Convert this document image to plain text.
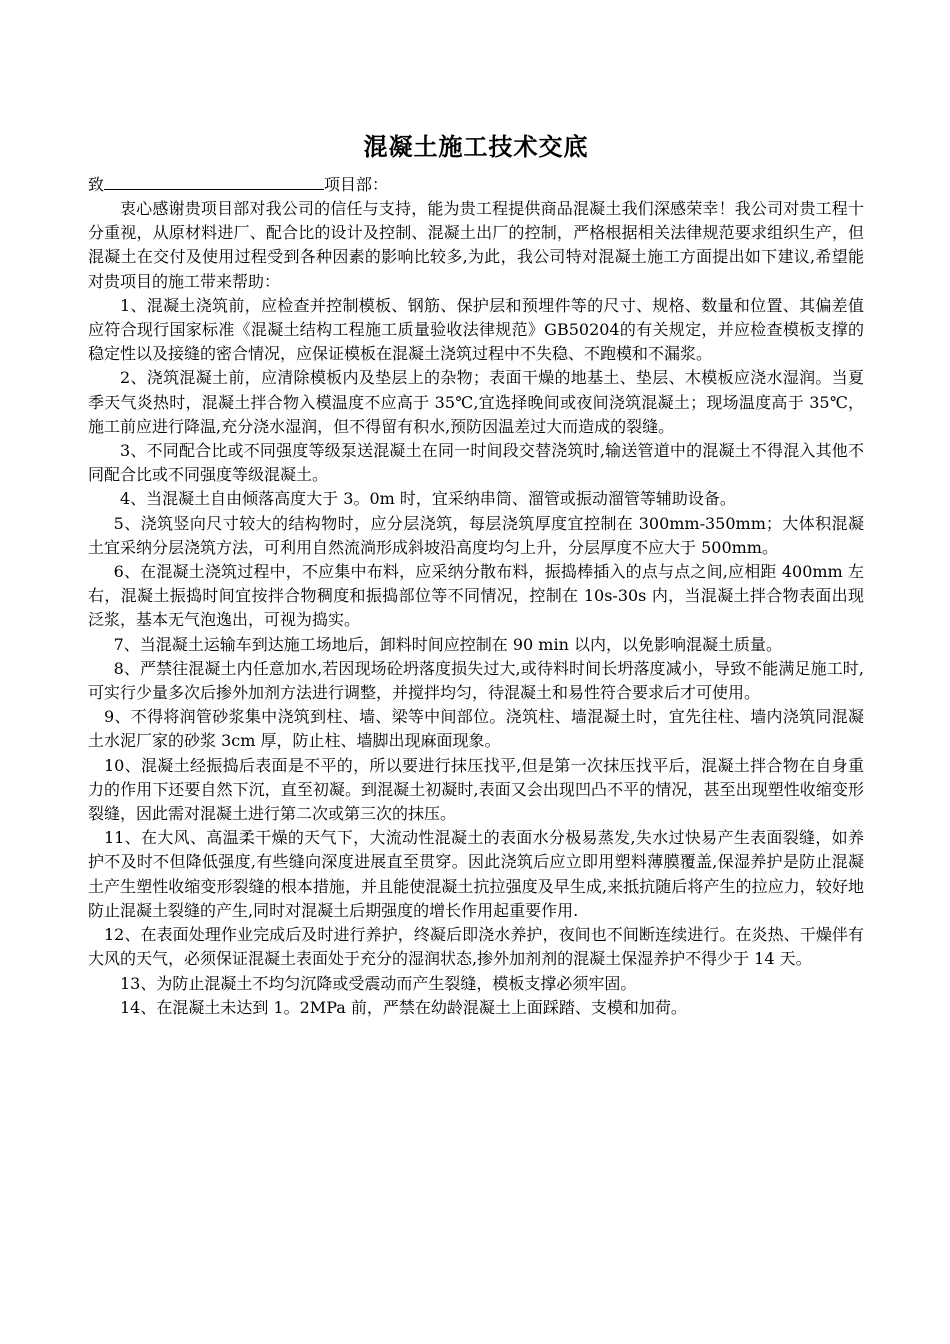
混凝土施工技术交底

致	项目部：

衷心感谢贵项目部对我公司的信任与支持，能为贵工程提供商品混凝土我们深感荣幸！我公司对贵工程十分重视，从原材料进厂、配合比的设计及控制、混凝土出厂的控制，严格根据相关法律规范要求组织生产，但混凝土在交付及使用过程受到各种因素的影响比较多,为此，我公司特对混凝土施工方面提出如下建议,希望能对贵项目的施工带来帮助：

1、混凝土浇筑前，应检查并控制模板、钢筋、保护层和预埋件等的尺寸、规格、数量和位置、其偏差值应符合现行国家标准《混凝土结构工程施工质量验收法律规范》GB50204的有关规定，并应检查模板支撑的稳定性以及接缝的密合情况，应保证模板在混凝土浇筑过程中不失稳、不跑模和不漏浆。

2、浇筑混凝土前，应清除模板内及垫层上的杂物；表面干燥的地基土、垫层、木模板应浇水湿润。当夏季天气炎热时，混凝土拌合物入模温度不应高于 35℃,宜选择晚间或夜间浇筑混凝土；现场温度高于 35℃，施工前应进行降温,充分浇水湿润，但不得留有积水,预防因温差过大而造成的裂缝。

3、不同配合比或不同强度等级泵送混凝土在同一时间段交替浇筑时,输送管道中的混凝土不得混入其他不同配合比或不同强度等级混凝土。

4、当混凝土自由倾落高度大于 3。0m 时，宜采纳串筒、溜管或振动溜管等辅助设备。

5、浇筑竖向尺寸较大的结构物时，应分层浇筑，每层浇筑厚度宜控制在 300mm-350mm；大体积混凝土宜采纳分层浇筑方法，可利用自然流淌形成斜坡沿高度均匀上升，分层厚度不应大于 500mm。

6、在混凝土浇筑过程中，不应集中布料，应采纳分散布料，振捣棒插入的点与点之间,应相距 400mm 左右，混凝土振捣时间宜按拌合物稠度和振捣部位等不同情况，控制在 10s-30s 内，当混凝土拌合物表面出现泛浆，基本无气泡逸出，可视为捣实。

7、当混凝土运输车到达施工场地后，卸料时间应控制在 90 min 以内，以免影响混凝土质量。

8、严禁往混凝土内任意加水,若因现场砼坍落度损失过大,或待料时间长坍落度减小，导致不能满足施工时,可实行少量多次后掺外加剂方法进行调整，并搅拌均匀，待混凝土和易性符合要求后才可使用。

9、不得将润管砂浆集中浇筑到柱、墙、梁等中间部位。浇筑柱、墙混凝土时，宜先往柱、墙内浇筑同混凝土水泥厂家的砂浆 3cm 厚，防止柱、墙脚出现麻面现象。

10、混凝土经振捣后表面是不平的，所以要进行抹压找平,但是第一次抹压找平后，混凝土拌合物在自身重力的作用下还要自然下沉，直至初凝。到混凝土初凝时,表面又会出现凹凸不平的情况，甚至出现塑性收缩变形裂缝，因此需对混凝土进行第二次或第三次的抹压。

11、在大风、高温柔干燥的天气下，大流动性混凝土的表面水分极易蒸发,失水过快易产生表面裂缝，如养护不及时不但降低强度,有些缝向深度进展直至贯穿。因此浇筑后应立即用塑料薄膜覆盖,保湿养护是防止混凝土产生塑性收缩变形裂缝的根本措施，并且能使混凝土抗拉强度及早生成,来抵抗随后将产生的拉应力，较好地防止混凝土裂缝的产生,同时对混凝土后期强度的增长作用起重要作用.

12、在表面处理作业完成后及时进行养护，终凝后即浇水养护，夜间也不间断连续进行。在炎热、干燥伴有大风的天气，必须保证混凝土表面处于充分的湿润状态,掺外加剂剂的混凝土保湿养护不得少于 14 天。

13、为防止混凝土不均匀沉降或受震动而产生裂缝，模板支撑必须牢固。

14、在混凝土未达到 1。2MPa 前，严禁在幼龄混凝土上面踩踏、支模和加荷。
